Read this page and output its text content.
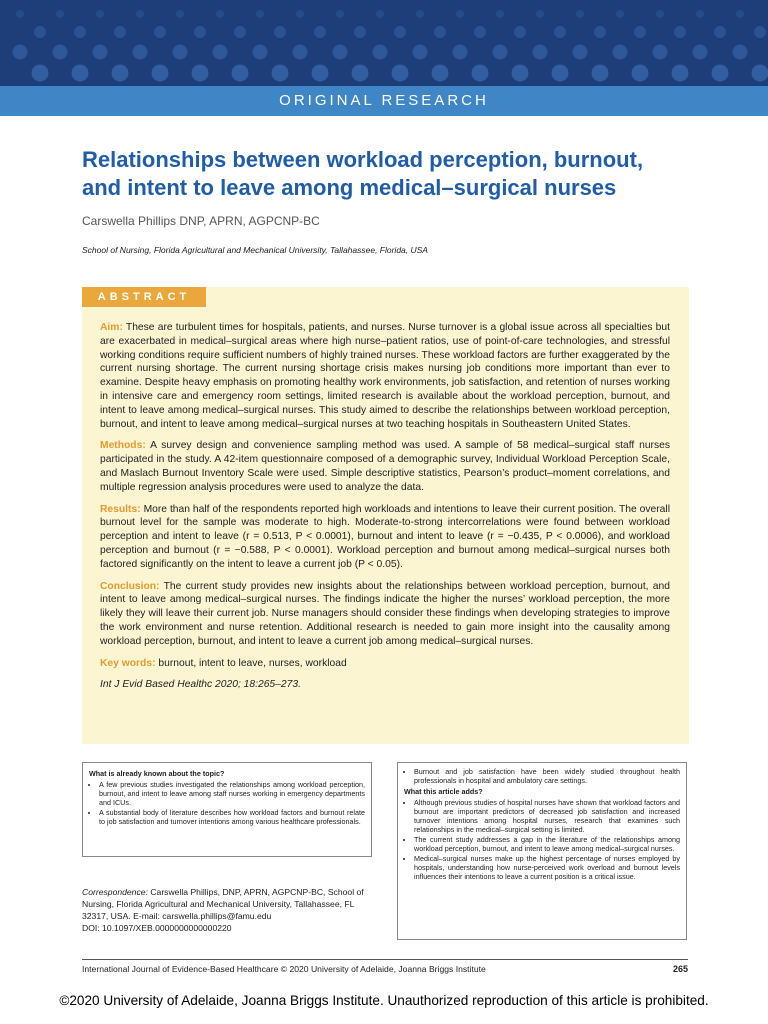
ORIGINAL RESEARCH
Relationships between workload perception, burnout, and intent to leave among medical–surgical nurses
Carswella Phillips DNP, APRN, AGPCNP-BC
School of Nursing, Florida Agricultural and Mechanical University, Tallahassee, Florida, USA
ABSTRACT

Aim: These are turbulent times for hospitals, patients, and nurses. Nurse turnover is a global issue across all specialties but are exacerbated in medical–surgical areas where high nurse–patient ratios, use of point-of-care technologies, and stressful working conditions require sufficient numbers of highly trained nurses. These workload factors are further exaggerated by the current nursing shortage. The current nursing shortage crisis makes nursing job conditions more important than ever to examine. Despite heavy emphasis on promoting healthy work environments, job satisfaction, and retention of nurses working in intensive care and emergency room settings, limited research is available about the workload perception, burnout, and intent to leave among medical–surgical nurses. This study aimed to describe the relationships between workload perception, burnout, and intent to leave among medical–surgical nurses at two teaching hospitals in Southeastern United States.

Methods: A survey design and convenience sampling method was used. A sample of 58 medical–surgical staff nurses participated in the study. A 42-item questionnaire composed of a demographic survey, Individual Workload Perception Scale, and Maslach Burnout Inventory Scale were used. Simple descriptive statistics, Pearson’s product–moment correlations, and multiple regression analysis procedures were used to analyze the data.

Results: More than half of the respondents reported high workloads and intentions to leave their current position. The overall burnout level for the sample was moderate to high. Moderate-to-strong intercorrelations were found between workload perception and intent to leave (r = 0.513, P < 0.0001), burnout and intent to leave (r = −0.435, P < 0.0006), and workload perception and burnout (r = −0.588, P < 0.0001). Workload perception and burnout among medical–surgical nurses both factored significantly on the intent to leave a current job (P < 0.05).

Conclusion: The current study provides new insights about the relationships between workload perception, burnout, and intent to leave among medical–surgical nurses. The findings indicate the higher the nurses’ workload perception, the more likely they will leave their current job. Nurse managers should consider these findings when developing strategies to improve the work environment and nurse retention. Additional research is needed to gain more insight into the causality among workload perception, burnout, and intent to leave a current job among medical–surgical nurses.

Key words: burnout, intent to leave, nurses, workload

Int J Evid Based Healthc 2020; 18:265–273.

What is already known about the topic?
• A few previous studies investigated the relationships among workload perception, burnout, and intent to leave among staff nurses working in emergency departments and ICUs.
• A substantial body of literature describes how workload factors and burnout relate to job satisfaction and turnover intentions among various healthcare professionals.
• Burnout and job satisfaction have been widely studied throughout health professionals in hospital and ambulatory care settings.
What this article adds?
• Although previous studies of hospital nurses have shown that workload factors and burnout are important predictors of decreased job satisfaction and increased turnover intentions among hospital nurses, research that examines such relationships in the medical–surgical setting is limited.
• The current study addresses a gap in the literature of the relationships among workload perception, burnout, and intent to leave among medical–surgical nurses.
• Medical–surgical nurses make up the highest percentage of nurses employed by hospitals, understanding how nurse-perceived work overload and burnout levels influences their intentions to leave a current position is a critical issue.

Correspondence: Carswella Phillips, DNP, APRN, AGPCNP-BC, School of Nursing, Florida Agricultural and Mechanical University, Tallahassee, FL 32317, USA. E-mail: carswella.phillips@famu.edu

DOI: 10.1097/XEB.0000000000000220

International Journal of Evidence-Based Healthcare © 2020 University of Adelaide, Joanna Briggs Institute	265
©2020 University of Adelaide, Joanna Briggs Institute. Unauthorized reproduction of this article is prohibited.
